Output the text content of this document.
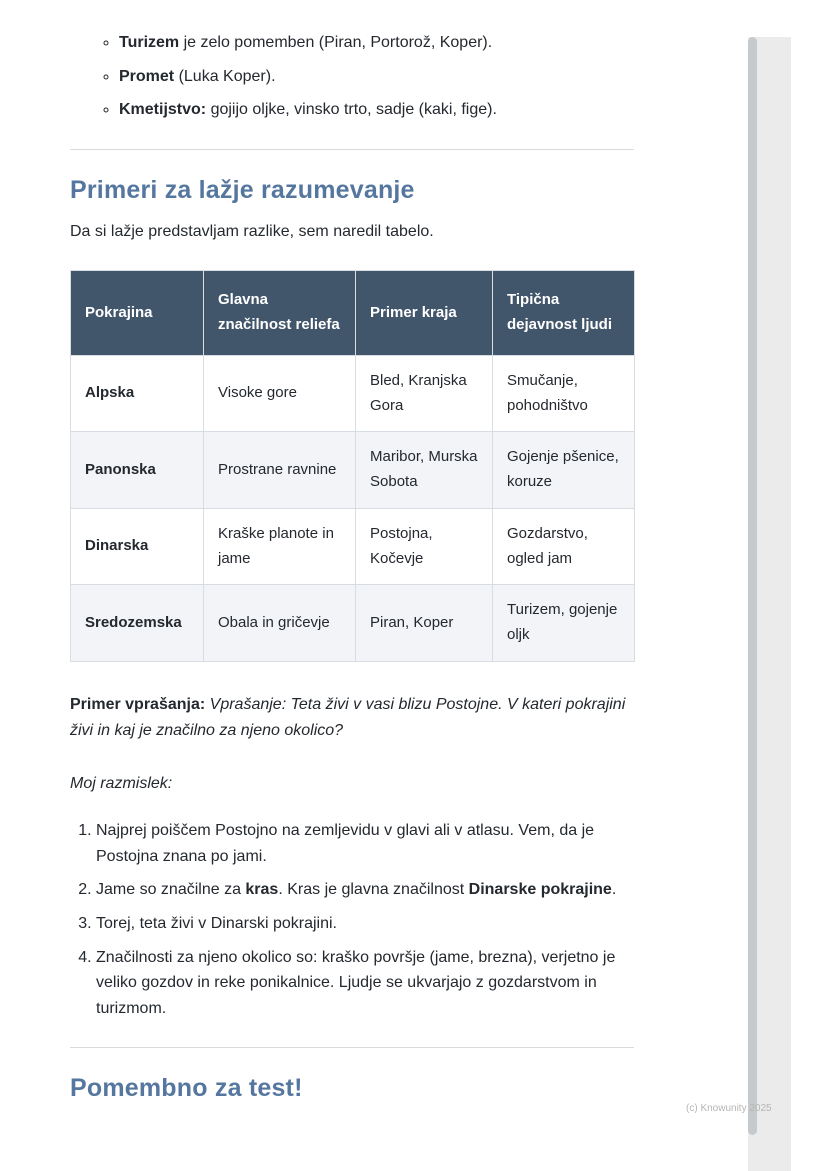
◦ Turizem je zelo pomemben (Piran, Portorož, Koper).
◦ Promet (Luka Koper).
◦ Kmetijstvo: gojijo oljke, vinsko trto, sadje (kaki, fige).
Primeri za lažje razumevanje

Da si lažje predstavljam razlike, sem naredil tabelo.

Pokrajina	Glavna značilnost reliefa	Primer kraja	Tipična dejavnost ljudi
Alpska	Visoke gore	Bled, Kranjska Gora	Smučanje, pohodništvo
Panonska	Prostrane ravnine	Maribor, Murska Sobota	Gojenje pšenice, koruze
Dinarska	Kraške planote in jame	Postojna, Kočevje	Gozdarstvo, ogled jam
Sredozemska	Obala in gričevje	Piran, Koper	Turizem, gojenje oljk

Primer vprašanja: Vprašanje: Teta živi v vasi blizu Postojne. V kateri pokrajini živi in kaj je značilno za njeno okolico?

Moj razmislek:

1. Najprej poiščem Postojno na zemljevidu v glavi ali v atlasu. Vem, da je Postojna znana po jami.
2. Jame so značilne za kras. Kras je glavna značilnost Dinarske pokrajine.
3. Torej, teta živi v Dinarski pokrajini.
4. Značilnosti za njeno okolico so: kraško površje (jame, brezna), verjetno je veliko gozdov in reke ponikalnice. Ljudje se ukvarjajo z gozdarstvom in turizmom.
Pomembno za test!
(c) Knowunity 2025
